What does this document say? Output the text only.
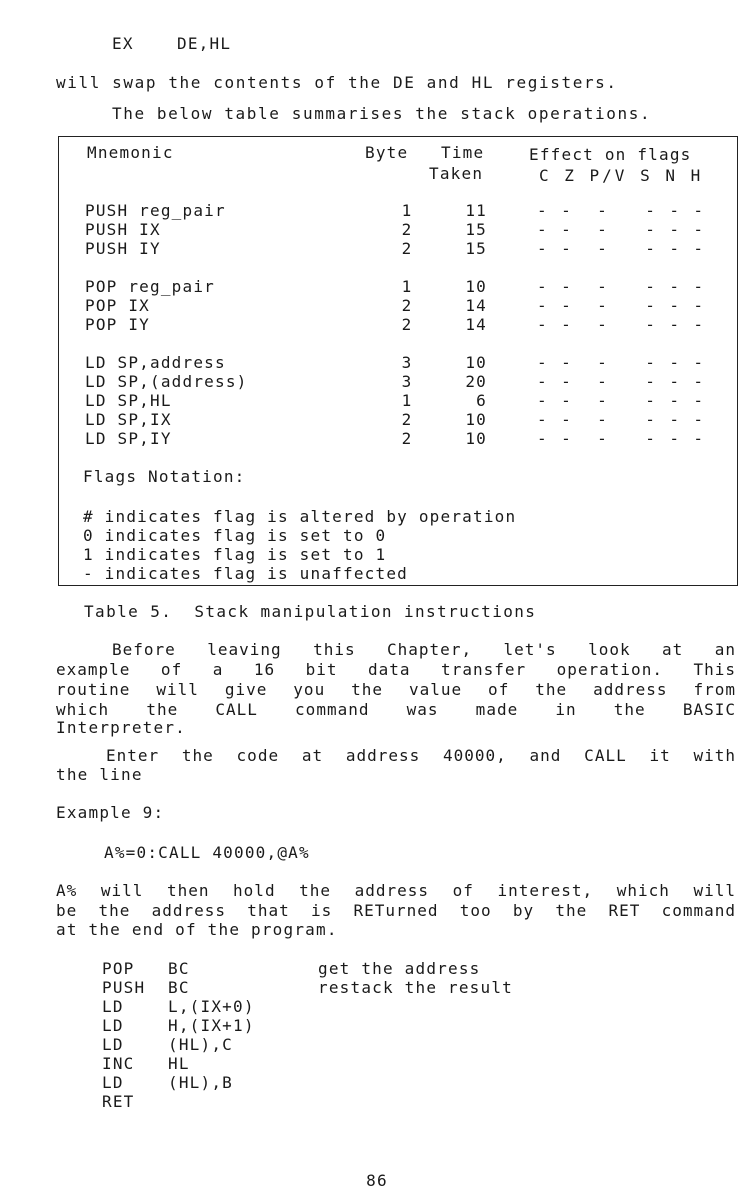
EX    DE,HL
will swap the contents of the DE and HL registers.
The below table summarises the stack operations.
Mnemonic	Byte Time
Taken
Effect on flags
C Z P/V S N H
PUSH reg_pair	1	11	- -  -   - - -
PUSH IX	2	15	- -  -   - - -
PUSH IY	2	15	- -  -   - - -
POP reg_pair	1	10	- -  -   - - -
POP IX	2	14	- -  -   - - -
POP IY	2	14	- -  -   - - -
LD SP,address	3	10	- -  -   - - -
LD SP,(address)	3	20	- -  -   - - -
LD SP,HL	1	6	- -  -   - - -
LD SP,IX	2	10	- -  -   - - -
LD SP,IY	2	10	- -  -   - - -
Flags Notation:
# indicates flag is altered by operation
0 indicates flag is set to 0
1 indicates flag is set to 1
- indicates flag is unaffected
Table 5.  Stack manipulation instructions
Before leaving this Chapter, let's look at an
example of a 16 bit data transfer operation. This
routine will give you the value of the address from
which the CALL command was made in the BASIC
Interpreter.
Enter the code at address 40000, and CALL it with
the line
Example 9:
A%=0:CALL 40000,@A%
A% will then hold the address of interest, which will
be the address that is RETurned too by the RET command
at the end of the program.
POP BC	get the address
PUSH BC	restack the result
LD	L,(IX+0)
LD	H,(IX+1)
LD	(HL),C
INC HL
LD	(HL),B
RET
86
